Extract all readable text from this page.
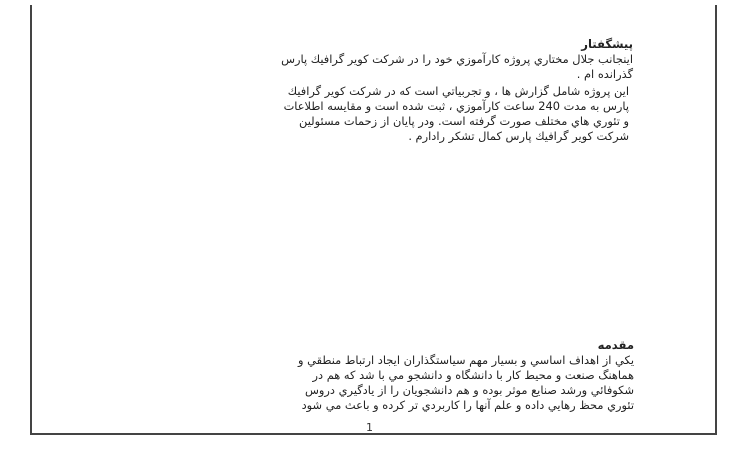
پيشگفتار
اينجانب جلال مختاري پروژه كارآموزي خود را در شركت كوير گرافيك پارس
گذرانده ام .
اين پروژه شامل گزارش ها ، و تجربياتي است كه در شركت كوير گرافيك
پارس به مدت 240 ساعت كارآموزي ، ثبت شده است و مقايسه اطلاعات
و تئوري هاي مختلف صورت گرفته است. ودر پايان از زحمات مسئولين
شركت كوير گرافيك پارس كمال تشكر رادارم .
مقدمه
يكي از اهداف اساسي و بسيار مهم سياستگذاران ايجاد ارتباط منطقي و
هماهنگ صنعت و محيط كار با دانشگاه و دانشجو مي با شد كه هم در
شكوفائي ورشد صنايع موثر بوده و هم دانشجويان را از يادگيري دروس
تئوري محظ رهايي داده و علم آنها را كاربردي تر كرده و باعث مي شود
1
